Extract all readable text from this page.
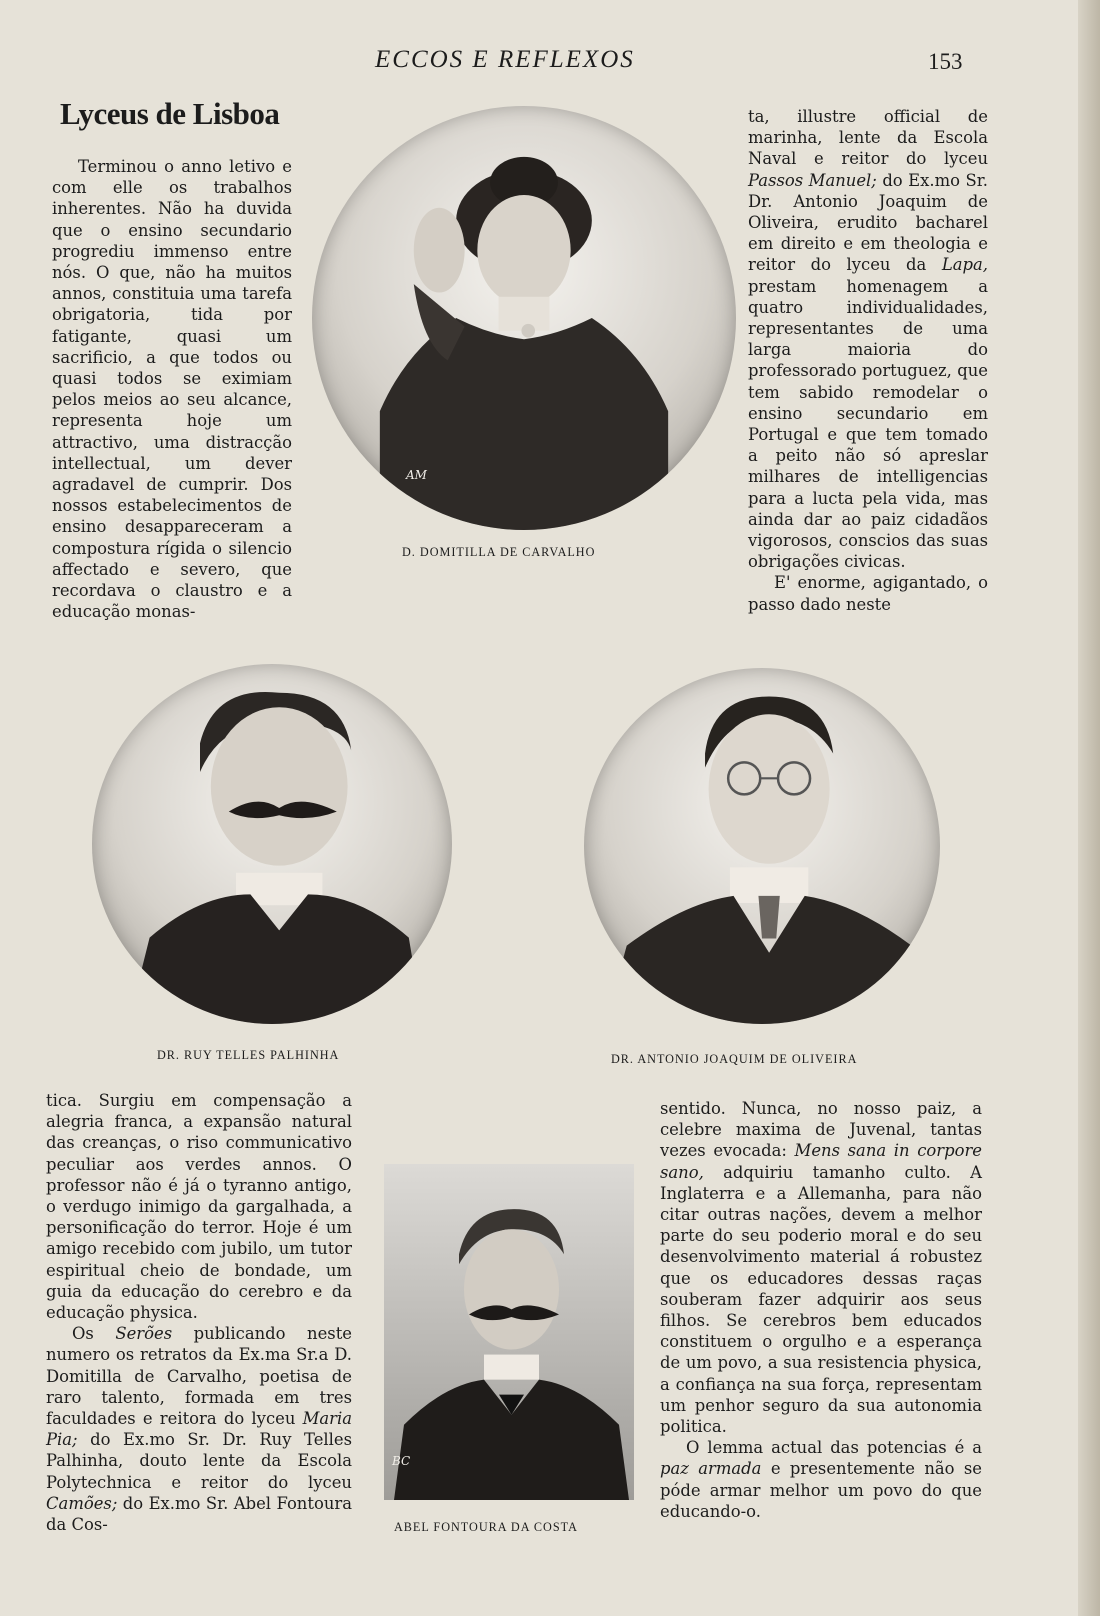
ECCOS E REFLEXOS	153
Lyceus de Lisboa

Terminou o anno letivo e com elle os trabalhos inherentes. Não ha duvida que o ensino secundario progrediu immenso entre nós. O que, não ha muitos annos, constituia uma tarefa obrigatoria, tida por fatigante, quasi um sacrificio, a que todos ou quasi todos se eximiam pelos meios ao seu alcance, representa hoje um attractivo, uma distracção intellectual, um dever agradavel de cumprir. Dos nossos estabelecimentos de ensino desappareceram a compostura rígida o silencio affectado e severo, que recordava o claustro e a educação monas-

ta, illustre official de marinha, lente da Escola Naval e reitor do lyceu Passos Manuel; do Ex.mo Sr. Dr. Antonio Joaquim de Oliveira, erudito bacharel em direito e em theologia e reitor do lyceu da Lapa, prestam homenagem a quatro individualidades, representantes de uma larga maioria do professorado portuguez, que tem sabido remodelar o ensino secundario em Portugal e que tem tomado a peito não só apreslar milhares de intelligencias para a lucta pela vida, mas ainda dar ao paiz cidadãos vigorosos, conscios das suas obrigações civicas.

E' enorme, agigantado, o passo dado neste

AM
D. DOMITILLA DE CARVALHO
DR. RUY TELLES PALHINHA	DR. ANTONIO JOAQUIM DE OLIVEIRA

tica. Surgiu em compensação a alegria franca, a expansão natural das creanças, o riso communicativo peculiar aos verdes annos. O professor não é já o tyranno antigo, o verdugo inimigo da gargalhada, a personificação do terror. Hoje é um amigo recebido com jubilo, um tutor espiritual cheio de bondade, um guia da educação do cerebro e da educação physica.

Os Serões publicando neste numero os retratos da Ex.ma Sr.a D. Domitilla de Carvalho, poetisa de raro talento, formada em tres faculdades e reitora do lyceu Maria Pia; do Ex.mo Sr. Dr. Ruy Telles Palhinha, douto lente da Escola Polytechnica e reitor do lyceu Camões; do Ex.mo Sr. Abel Fontoura da Cos-

BC
ABEL FONTOURA DA COSTA

sentido. Nunca, no nosso paiz, a celebre maxima de Juvenal, tantas vezes evocada: Mens sana in corpore sano, adquiriu tamanho culto. A Inglaterra e a Allemanha, para não citar outras nações, devem a melhor parte do seu poderio moral e do seu desenvolvimento material á robustez que os educadores dessas raças souberam fazer adquirir aos seus filhos. Se cerebros bem educados constituem o orgulho e a esperança de um povo, a sua resistencia physica, a confiança na sua força, representam um penhor seguro da sua autonomia politica.

O lemma actual das potencias é a paz armada e presentemente não se póde armar melhor um povo do que educando-o.
